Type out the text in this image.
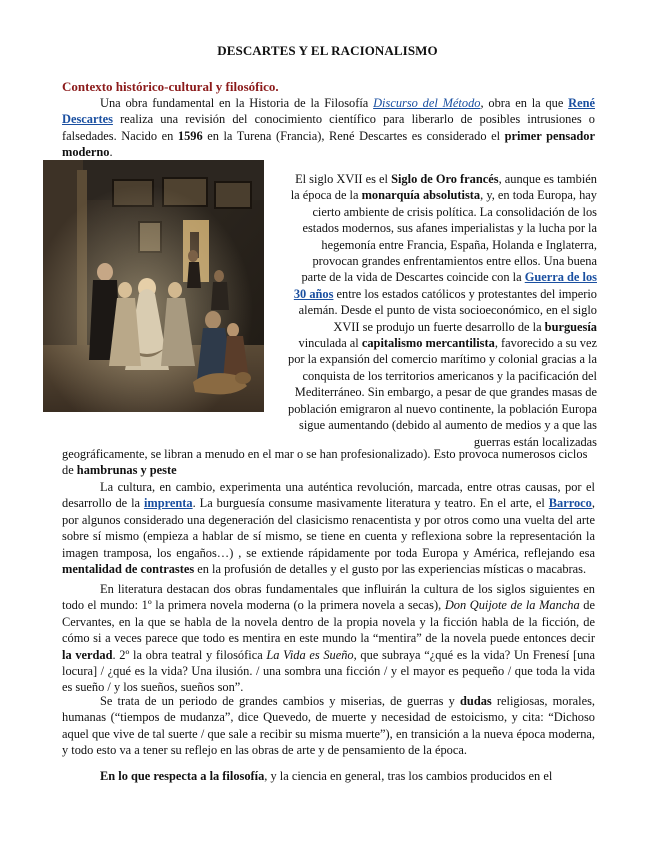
DESCARTES Y EL RACIONALISMO
Contexto histórico-cultural y filosófico.

Una obra fundamental en la Historia de la Filosofía Discurso del Método, obra en la que René Descartes realiza una revisión del conocimiento científico para liberarlo de posibles intrusiones o falsedades. Nacido en 1596 en la Turena (Francia), René Descartes es considerado el primer pensador moderno.

El siglo XVII es el Siglo de Oro francés, aunque es también la época de la monarquía absolutista, y, en toda Europa, hay cierto ambiente de crisis política. La consolidación de los estados modernos, sus afanes imperialistas y la lucha por la hegemonía entre Francia, España, Holanda e Inglaterra, provocan grandes enfrentamientos entre ellos. Una buena parte de la vida de Descartes coincide con la Guerra de los 30 años entre los estados católicos y protestantes del imperio alemán. Desde el punto de vista socioeconómico, en el siglo XVII se produjo un fuerte desarrollo de la burguesía vinculada al capitalismo mercantilista, favorecido a su vez por la expansión del comercio marítimo y colonial gracias a la conquista de los territorios americanos y la pacificación del Mediterráneo. Sin embargo, a pesar de que grandes masas de población emigraron al nuevo continente, la población Europa sigue aumentando (debido al aumento de medios y a que las guerras están localizadas

geográficamente, se libran a menudo en el mar o se han profesionalizado). Esto provoca numerosos ciclos de hambrunas y peste

La cultura, en cambio, experimenta una auténtica revolución, marcada, entre otras causas, por el desarrollo de la imprenta. La burguesía consume masivamente literatura y teatro. En el arte, el Barroco, por algunos considerado una degeneración del clasicismo renacentista y por otros como una vuelta del arte sobre sí mismo (empieza a hablar de sí mismo, se tiene en cuenta y reflexiona sobre la representación la imagen tramposa, los engaños…) , se extiende rápidamente por toda Europa y América, reflejando esa mentalidad de contrastes en la profusión de detalles y el gusto por las experiencias místicas o macabras.

En literatura destacan dos obras fundamentales que influirán la cultura de los siglos siguientes en todo el mundo: 1º la primera novela moderna (o la primera novela a secas), Don Quijote de la Mancha de Cervantes, en la que se habla de la novela dentro de la propia novela y la ficción habla de la ficción, de cómo si a veces parece que todo es mentira en este mundo la “mentira” de la novela puede entonces decir la verdad. 2º la obra teatral y filosófica La Vida es Sueño, que subraya “¿qué es la vida? Un Frenesí [una locura] / ¿qué es la vida? Una ilusión. / una sombra una ficción / y el mayor es pequeño / que toda la vida es sueño / y los sueños, sueños son”.

Se trata de un periodo de grandes cambios y miserias, de guerras y dudas religiosas, morales, humanas (“tiempos de mudanza”, dice Quevedo, de muerte y necesidad de estoicismo, y cita: “Dichoso aquel que vive de tal suerte / que sale a recibir su misma muerte”), en transición a la nueva época moderna, y todo esto va a tener su reflejo en las obras de arte y de pensamiento de la época.

En lo que respecta a la filosofía, y la ciencia en general, tras los cambios producidos en el
